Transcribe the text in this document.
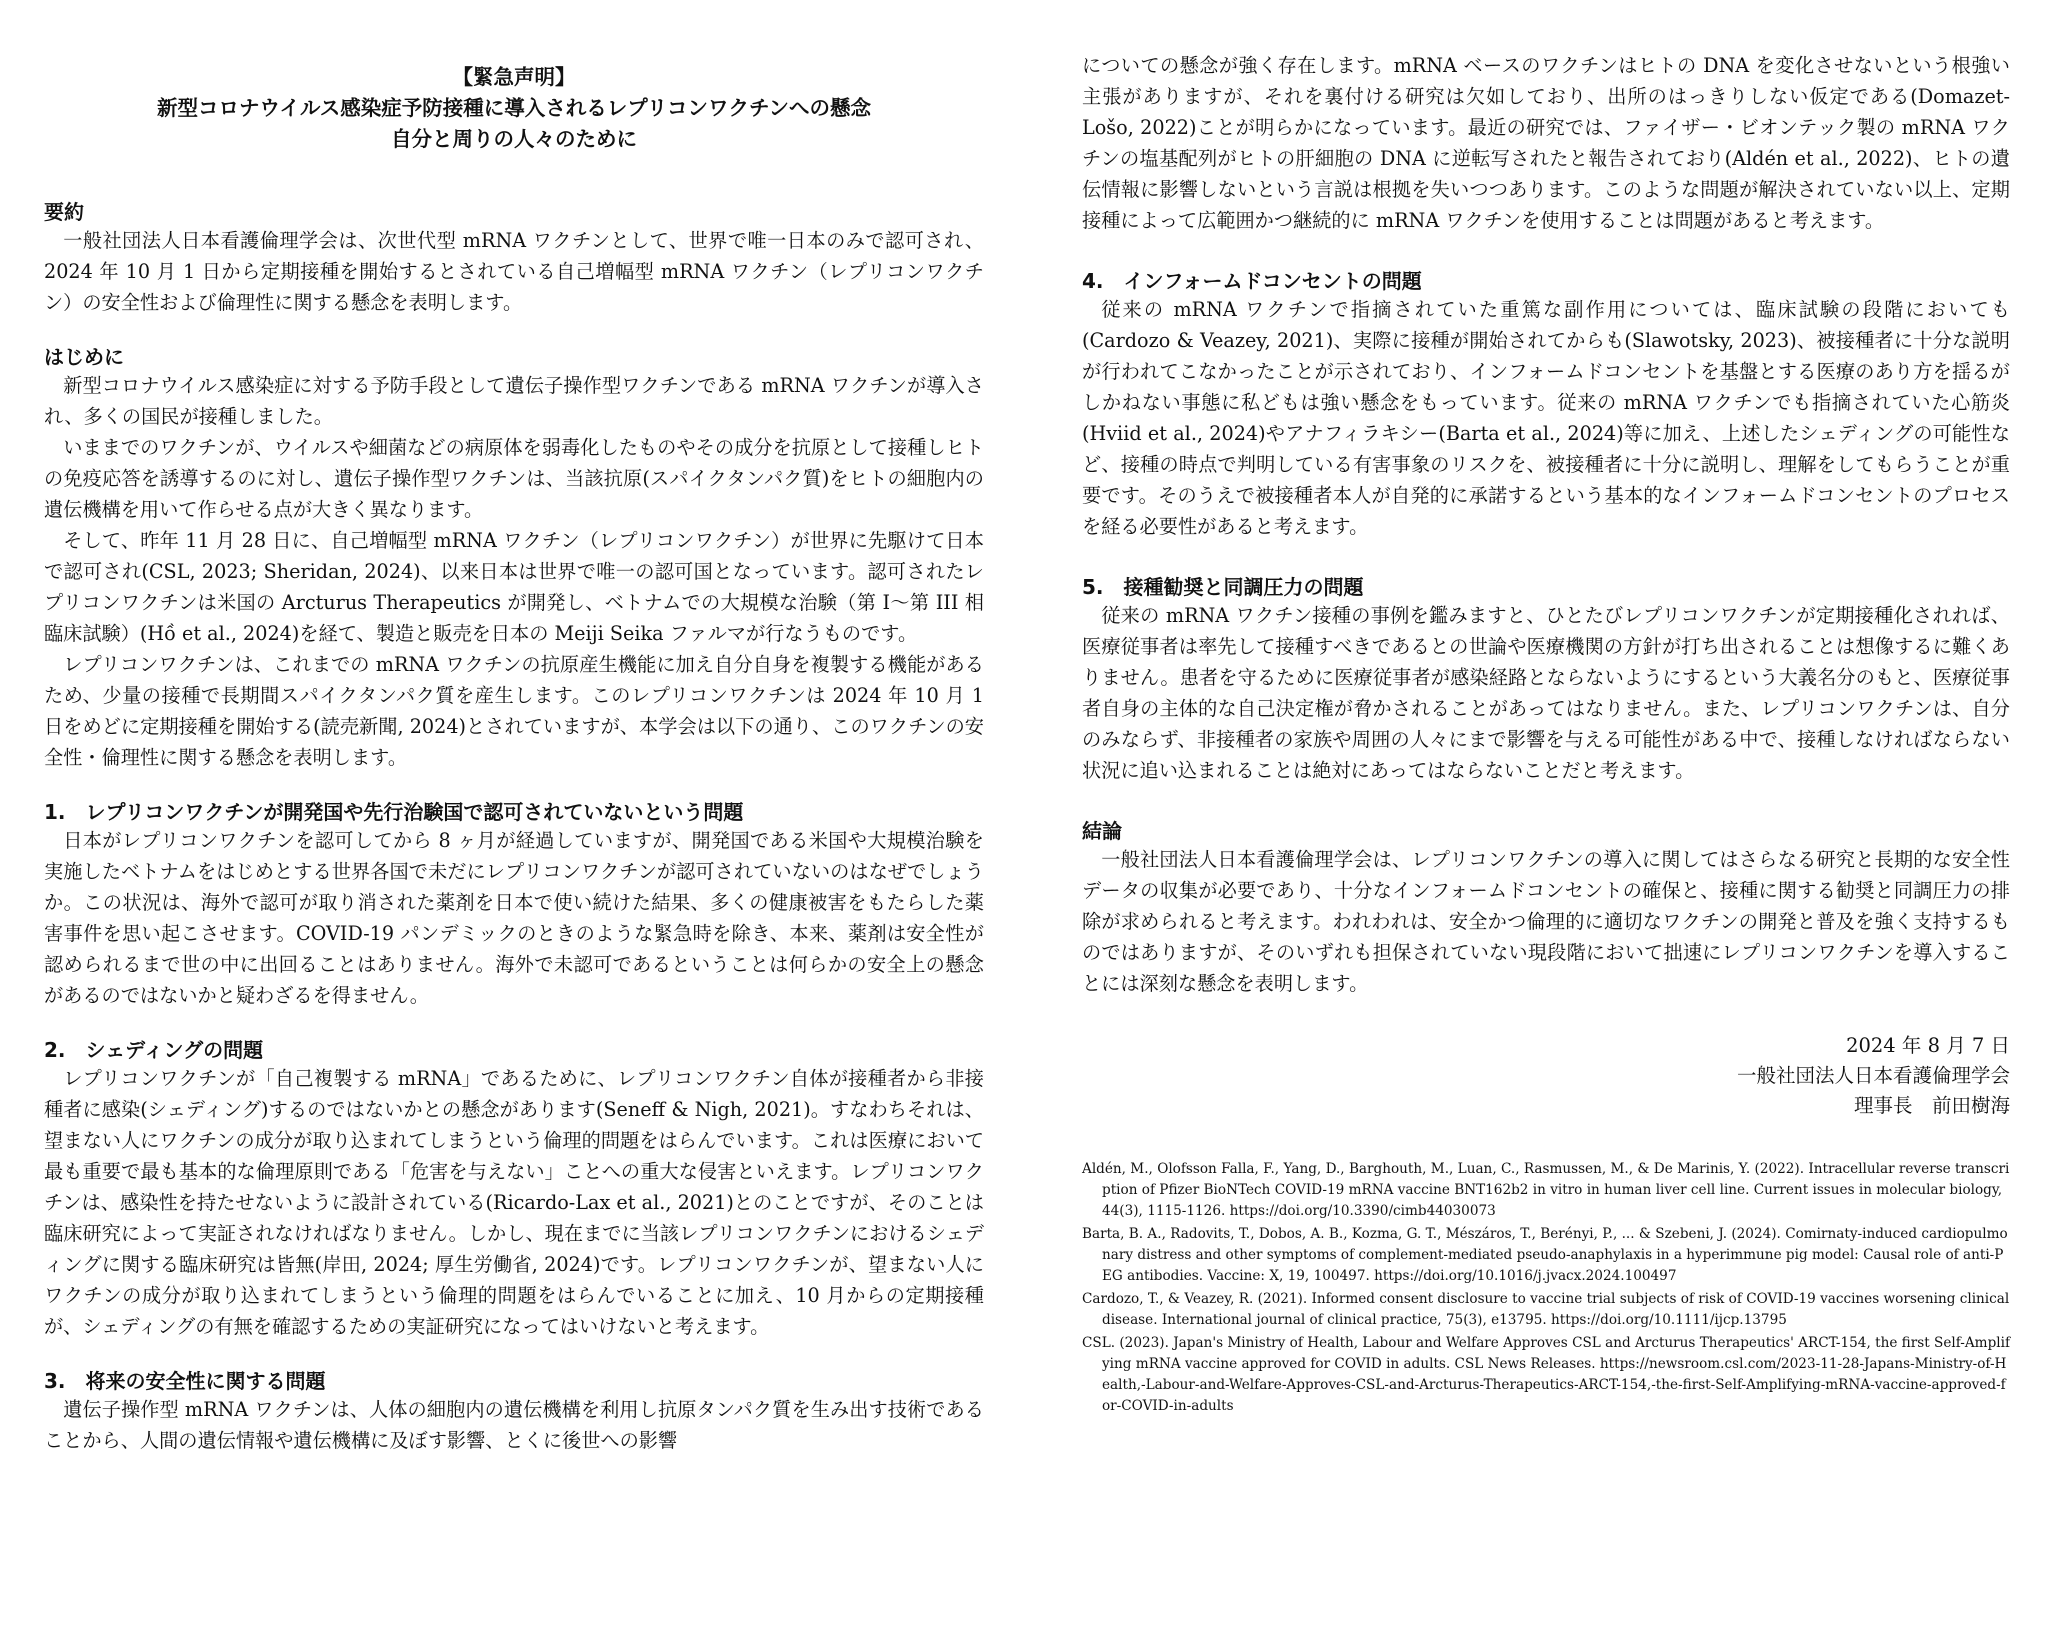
【緊急声明】
新型コロナウイルス感染症予防接種に導入されるレプリコンワクチンへの懸念
自分と周りの人々のために
要約

一般社団法人日本看護倫理学会は、次世代型 mRNA ワクチンとして、世界で唯一日本のみで認可され、2024 年 10 月 1 日から定期接種を開始するとされている自己増幅型 mRNA ワクチン（レプリコンワクチン）の安全性および倫理性に関する懸念を表明します。

はじめに

新型コロナウイルス感染症に対する予防手段として遺伝子操作型ワクチンである mRNA ワクチンが導入され、多くの国民が接種しました。

いままでのワクチンが、ウイルスや細菌などの病原体を弱毒化したものやその成分を抗原として接種しヒトの免疫応答を誘導するのに対し、遺伝子操作型ワクチンは、当該抗原(スパイクタンパク質)をヒトの細胞内の遺伝機構を用いて作らせる点が大きく異なります。

そして、昨年 11 月 28 日に、自己増幅型 mRNA ワクチン（レプリコンワクチン）が世界に先駆けて日本で認可され(CSL, 2023; Sheridan, 2024)、以来日本は世界で唯一の認可国となっています。認可されたレプリコンワクチンは米国の Arcturus Therapeutics が開発し、ベトナムでの大規模な治験（第 I〜第 III 相臨床試験）(Hồ et al., 2024)を経て、製造と販売を日本の Meiji Seika ファルマが行なうものです。

レプリコンワクチンは、これまでの mRNA ワクチンの抗原産生機能に加え自分自身を複製する機能があるため、少量の接種で長期間スパイクタンパク質を産生します。このレプリコンワクチンは 2024 年 10 月 1 日をめどに定期接種を開始する(読売新聞, 2024)とされていますが、本学会は以下の通り、このワクチンの安全性・倫理性に関する懸念を表明します。

1.　レプリコンワクチンが開発国や先行治験国で認可されていないという問題

日本がレプリコンワクチンを認可してから 8 ヶ月が経過していますが、開発国である米国や大規模治験を実施したベトナムをはじめとする世界各国で未だにレプリコンワクチンが認可されていないのはなぜでしょうか。この状況は、海外で認可が取り消された薬剤を日本で使い続けた結果、多くの健康被害をもたらした薬害事件を思い起こさせます。COVID-19 パンデミックのときのような緊急時を除き、本来、薬剤は安全性が認められるまで世の中に出回ることはありません。海外で未認可であるということは何らかの安全上の懸念があるのではないかと疑わざるを得ません。

2.　シェディングの問題

レプリコンワクチンが「自己複製する mRNA」であるために、レプリコンワクチン自体が接種者から非接種者に感染(シェディング)するのではないかとの懸念があります(Seneff & Nigh, 2021)。すなわちそれは、望まない人にワクチンの成分が取り込まれてしまうという倫理的問題をはらんでいます。これは医療において最も重要で最も基本的な倫理原則である「危害を与えない」ことへの重大な侵害といえます。レプリコンワクチンは、感染性を持たせないように設計されている(Ricardo-Lax et al., 2021)とのことですが、そのことは臨床研究によって実証されなければなりません。しかし、現在までに当該レプリコンワクチンにおけるシェディングに関する臨床研究は皆無(岸田, 2024; 厚生労働省, 2024)です。レプリコンワクチンが、望まない人にワクチンの成分が取り込まれてしまうという倫理的問題をはらんでいることに加え、10 月からの定期接種が、シェディングの有無を確認するための実証研究になってはいけないと考えます。

3.　将来の安全性に関する問題

遺伝子操作型 mRNA ワクチンは、人体の細胞内の遺伝機構を利用し抗原タンパク質を生み出す技術であることから、人間の遺伝情報や遺伝機構に及ぼす影響、とくに後世への影響

についての懸念が強く存在します。mRNA ベースのワクチンはヒトの DNA を変化させないという根強い主張がありますが、それを裏付ける研究は欠如しており、出所のはっきりしない仮定である(Domazet-Lošo, 2022)ことが明らかになっています。最近の研究では、ファイザー・ビオンテック製の mRNA ワクチンの塩基配列がヒトの肝細胞の DNA に逆転写されたと報告されており(Aldén et al., 2022)、ヒトの遺伝情報に影響しないという言説は根拠を失いつつあります。このような問題が解決されていない以上、定期接種によって広範囲かつ継続的に mRNA ワクチンを使用することは問題があると考えます。

4.　インフォームドコンセントの問題

従来の mRNA ワクチンで指摘されていた重篤な副作用については、臨床試験の段階においても(Cardozo & Veazey, 2021)、実際に接種が開始されてからも(Slawotsky, 2023)、被接種者に十分な説明が行われてこなかったことが示されており、インフォームドコンセントを基盤とする医療のあり方を揺るがしかねない事態に私どもは強い懸念をもっています。従来の mRNA ワクチンでも指摘されていた心筋炎(Hviid et al., 2024)やアナフィラキシー(Barta et al., 2024)等に加え、上述したシェディングの可能性など、接種の時点で判明している有害事象のリスクを、被接種者に十分に説明し、理解をしてもらうことが重要です。そのうえで被接種者本人が自発的に承諾するという基本的なインフォームドコンセントのプロセスを経る必要性があると考えます。

5.　接種勧奨と同調圧力の問題

従来の mRNA ワクチン接種の事例を鑑みますと、ひとたびレプリコンワクチンが定期接種化されれば、医療従事者は率先して接種すべきであるとの世論や医療機関の方針が打ち出されることは想像するに難くありません。患者を守るために医療従事者が感染経路とならないようにするという大義名分のもと、医療従事者自身の主体的な自己決定権が脅かされることがあってはなりません。また、レプリコンワクチンは、自分のみならず、非接種者の家族や周囲の人々にまで影響を与える可能性がある中で、接種しなければならない状況に追い込まれることは絶対にあってはならないことだと考えます。

結論

一般社団法人日本看護倫理学会は、レプリコンワクチンの導入に関してはさらなる研究と長期的な安全性データの収集が必要であり、十分なインフォームドコンセントの確保と、接種に関する勧奨と同調圧力の排除が求められると考えます。われわれは、安全かつ倫理的に適切なワクチンの開発と普及を強く支持するものではありますが、そのいずれも担保されていない現段階において拙速にレプリコンワクチンを導入することには深刻な懸念を表明します。

2024 年 8 月 7 日
一般社団法人日本看護倫理学会
理事長　前田樹海
Aldén, M., Olofsson Falla, F., Yang, D., Barghouth, M., Luan, C., Rasmussen, M., & De Marinis, Y. (2022). Intracellular reverse transcription of Pfizer BioNTech COVID-19 mRNA vaccine BNT162b2 in vitro in human liver cell line. Current issues in molecular biology, 44(3), 1115-1126. https://doi.org/10.3390/cimb44030073
Barta, B. A., Radovits, T., Dobos, A. B., Kozma, G. T., Mészáros, T., Berényi, P., ... & Szebeni, J. (2024). Comirnaty-induced cardiopulmonary distress and other symptoms of complement-mediated pseudo-anaphylaxis in a hyperimmune pig model: Causal role of anti-PEG antibodies. Vaccine: X, 19, 100497. https://doi.org/10.1016/j.jvacx.2024.100497
Cardozo, T., & Veazey, R. (2021). Informed consent disclosure to vaccine trial subjects of risk of COVID-19 vaccines worsening clinical disease. International journal of clinical practice, 75(3), e13795. https://doi.org/10.1111/ijcp.13795
CSL. (2023). Japan's Ministry of Health, Labour and Welfare Approves CSL and Arcturus Therapeutics' ARCT-154, the first Self-Amplifying mRNA vaccine approved for COVID in adults. CSL News Releases. https://newsroom.csl.com/2023-11-28-Japans-Ministry-of-Health,-Labour-and-Welfare-Approves-CSL-and-Arcturus-Therapeutics-ARCT-154,-the-first-Self-Amplifying-mRNA-vaccine-approved-for-COVID-in-adults
